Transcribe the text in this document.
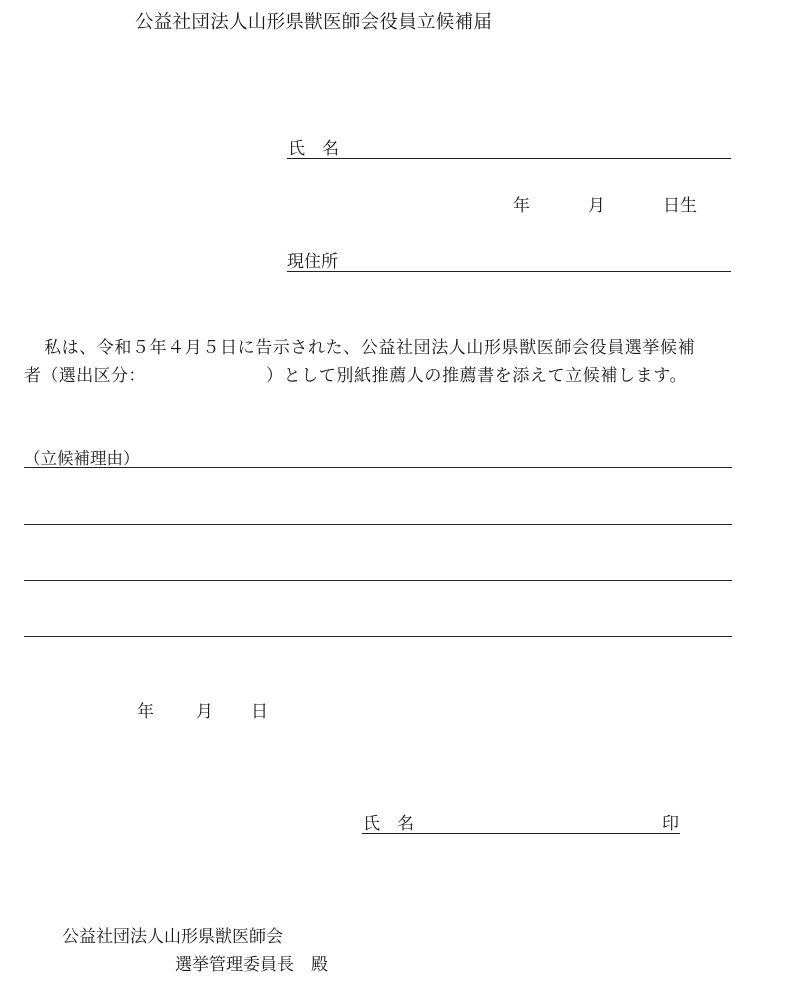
公益社団法人山形県獣医師会役員立候補届
氏　名
年	月	日生
現住所
私は、令和５年４月５日に告示された、公益社団法人山形県獣医師会役員選挙候補
者（選出区分：	）として別紙推薦人の推薦書を添えて立候補します。
（立候補理由）
年 月 日
氏　名	印
公益社団法人山形県獣医師会
選挙管理委員長　殿
